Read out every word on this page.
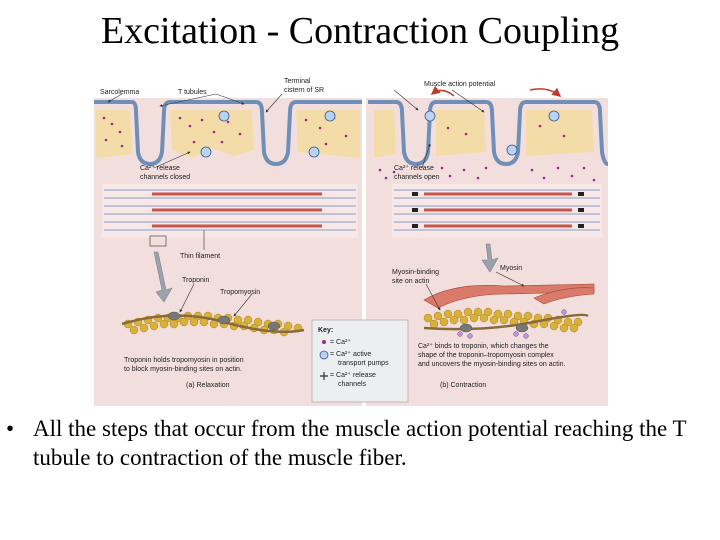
Excitation - Contraction Coupling
Key:
= Ca²⁺
= Ca²⁺ active
transport pumps
= Ca²⁺ release
channels
Sarcolemma	T tubules
Terminal
cistern of SR
Muscle action potential
Ca²⁺ release
channels closed
Ca²⁺ release
channels open
Thin filament
Troponin
Tropomyosin
Myosin-binding
site on actin
Myosin
Troponin holds tropomyosin in position
to block myosin-binding sites on actin.
(a) Relaxation
Ca²⁺ binds to troponin, which changes the
shape of the troponin–tropomyosin complex
and uncovers the myosin-binding sites on actin.
(b) Contraction
• All the steps that occur from the muscle action potential reaching the T tubule to contraction of the muscle fiber.
